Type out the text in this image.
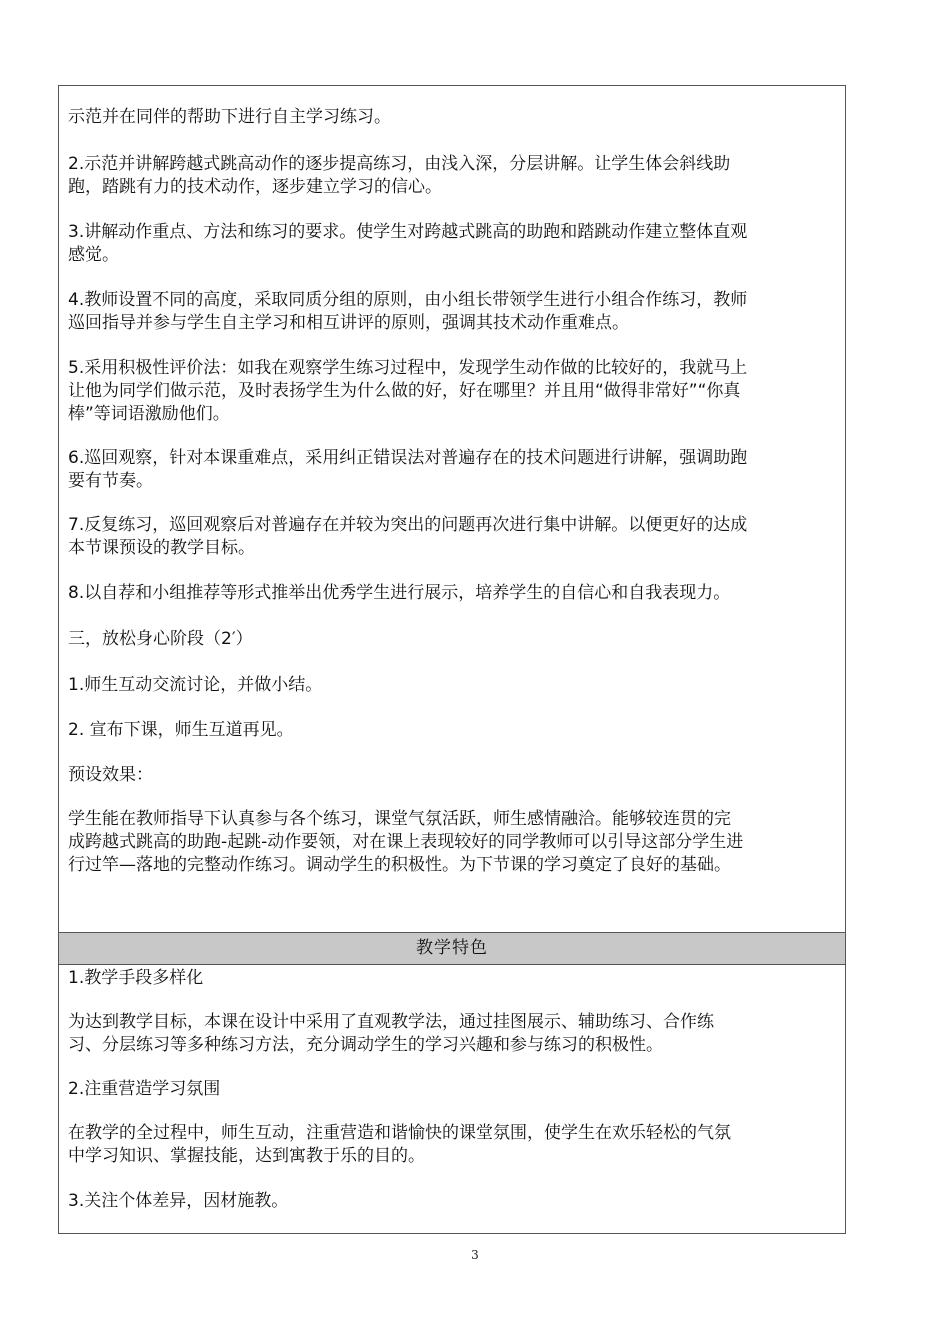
示范并在同伴的帮助下进行自主学习练习。

2.示范并讲解跨越式跳高动作的逐步提高练习，由浅入深，分层讲解。让学生体会斜线助
跑，踏跳有力的技术动作，逐步建立学习的信心。

3.讲解动作重点、方法和练习的要求。使学生对跨越式跳高的助跑和踏跳动作建立整体直观
感觉。

4.教师设置不同的高度，采取同质分组的原则，由小组长带领学生进行小组合作练习，教师
巡回指导并参与学生自主学习和相互讲评的原则，强调其技术动作重难点。

5.采用积极性评价法：如我在观察学生练习过程中，发现学生动作做的比较好的，我就马上
让他为同学们做示范，及时表扬学生为什么做的好，好在哪里？并且用“做得非常好”“你真
棒”等词语激励他们。

6.巡回观察，针对本课重难点，采用纠正错误法对普遍存在的技术问题进行讲解，强调助跑
要有节奏。

7.反复练习，巡回观察后对普遍存在并较为突出的问题再次进行集中讲解。以便更好的达成
本节课预设的教学目标。

8.以自荐和小组推荐等形式推举出优秀学生进行展示，培养学生的自信心和自我表现力。

三，放松身心阶段（2′）

1.师生互动交流讨论，并做小结。

2. 宣布下课，师生互道再见。

预设效果：

学生能在教师指导下认真参与各个练习，课堂气氛活跃，师生感情融洽。能够较连贯的完
成跨越式跳高的助跑-起跳-动作要领，对在课上表现较好的同学教师可以引导这部分学生进
行过竿—落地的完整动作练习。调动学生的积极性。为下节课的学习奠定了良好的基础。

教学特色

1.教学手段多样化

为达到教学目标，本课在设计中采用了直观教学法，通过挂图展示、辅助练习、合作练
习、分层练习等多种练习方法，充分调动学生的学习兴趣和参与练习的积极性。

2.注重营造学习氛围

在教学的全过程中，师生互动，注重营造和谐愉快的课堂氛围，使学生在欢乐轻松的气氛
中学习知识、掌握技能，达到寓教于乐的目的。

3.关注个体差异，因材施教。

3
